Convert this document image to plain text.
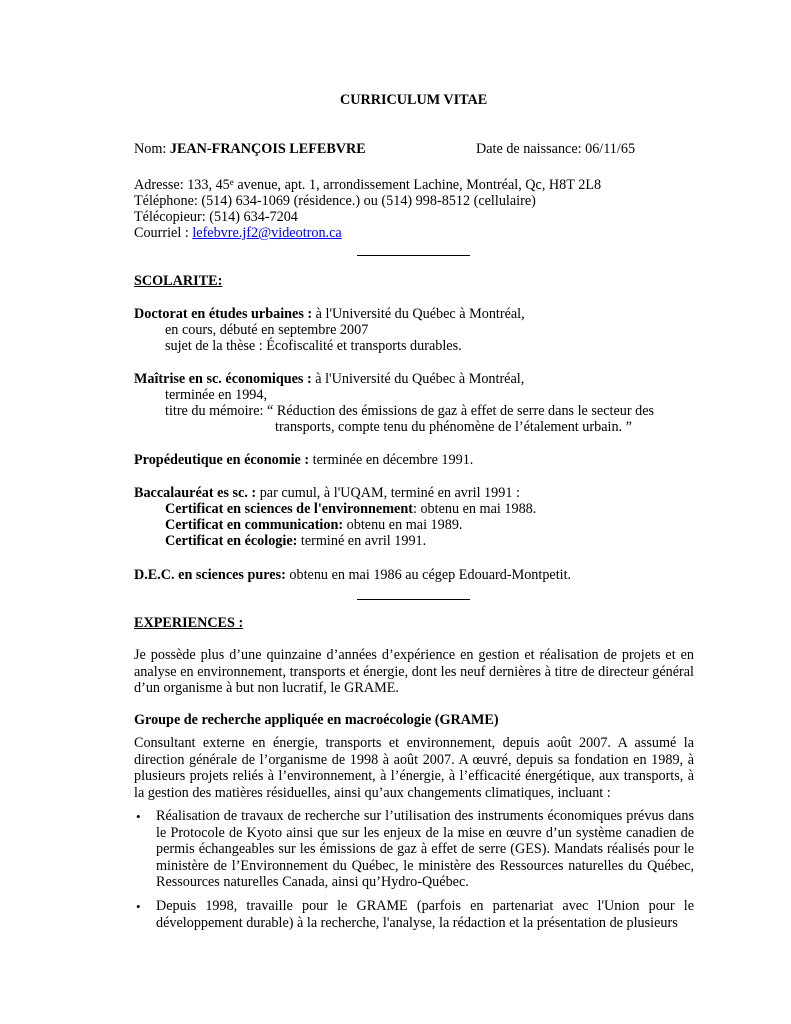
CURRICULUM VITAE
Nom: JEAN-FRANÇOIS LEFEBVRE	Date de naissance: 06/11/65
Adresse: 133, 45e avenue, apt. 1, arrondissement Lachine, Montréal, Qc, H8T 2L8
Téléphone: (514) 634-1069 (résidence.) ou (514) 998-8512 (cellulaire)
Télécopieur: (514) 634-7204
Courriel : lefebvre.jf2@videotron.ca
SCOLARITE:
Doctorat en études urbaines : à l'Université du Québec à Montréal,
en cours, débuté en septembre 2007
sujet de la thèse : Écofiscalité et transports durables.
Maîtrise en sc. économiques : à l'Université du Québec à Montréal,
terminée en 1994,
titre du mémoire: “ Réduction des émissions de gaz à effet de serre dans le secteur des
transports, compte tenu du phénomène de l’étalement urbain. ”
Propédeutique en économie : terminée en décembre 1991.
Baccalauréat es sc. : par cumul, à l'UQAM, terminé en avril 1991 :
Certificat en sciences de l'environnement: obtenu en mai 1988.
Certificat en communication: obtenu en mai 1989.
Certificat en écologie: terminé en avril 1991.
D.E.C. en sciences pures: obtenu en mai 1986 au cégep Edouard-Montpetit.
EXPERIENCES :
Je possède plus d’une quinzaine d’années d’expérience en gestion et réalisation de projets et en analyse en environnement, transports et énergie, dont les neuf dernières à titre de directeur général d’un organisme à but non lucratif, le GRAME.
Groupe de recherche appliquée en macroécologie (GRAME)
Consultant externe en énergie, transports et environnement, depuis août 2007. A assumé la direction générale de l’organisme de 1998 à août 2007. A œuvré, depuis sa fondation en 1989, à plusieurs projets reliés à l’environnement, à l’énergie, à l’efficacité énergétique, aux transports, à la gestion des matières résiduelles, ainsi qu’aux changements climatiques, incluant :
• Réalisation de travaux de recherche sur l’utilisation des instruments économiques prévus dans le Protocole de Kyoto ainsi que sur les enjeux de la mise en œuvre d’un système canadien de permis échangeables sur les émissions de gaz à effet de serre (GES). Mandats réalisés pour le ministère de l’Environnement du Québec, le ministère des Ressources naturelles du Québec, Ressources naturelles Canada, ainsi qu’Hydro-Québec.
• Depuis 1998, travaille pour le GRAME (parfois en partenariat avec l'Union pour le développement durable) à la recherche, l'analyse, la rédaction et la présentation de plusieurs
